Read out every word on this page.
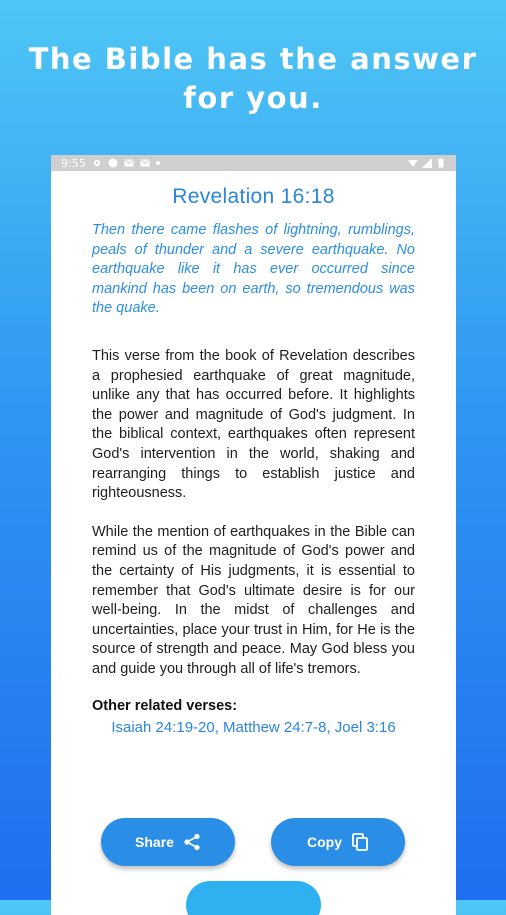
The Bible has the answer for you.
9:55
Revelation 16:18

Then there came flashes of lightning, rumblings, peals of thunder and a severe earthquake. No earthquake like it has ever occurred since mankind has been on earth, so tremendous was the quake.

This verse from the book of Revelation describes a prophesied earthquake of great magnitude, unlike any that has occurred before. It highlights the power and magnitude of God's judgment. In the biblical context, earthquakes often represent God's intervention in the world, shaking and rearranging things to establish justice and righteousness.

While the mention of earthquakes in the Bible can remind us of the magnitude of God's power and the certainty of His judgments, it is essential to remember that God's ultimate desire is for our well-being. In the midst of challenges and uncertainties, place your trust in Him, for He is the source of strength and peace. May God bless you and guide you through all of life's tremors.

Other related verses:
Isaiah 24:19-20, Matthew 24:7-8, Joel 3:16
Share	Copy
